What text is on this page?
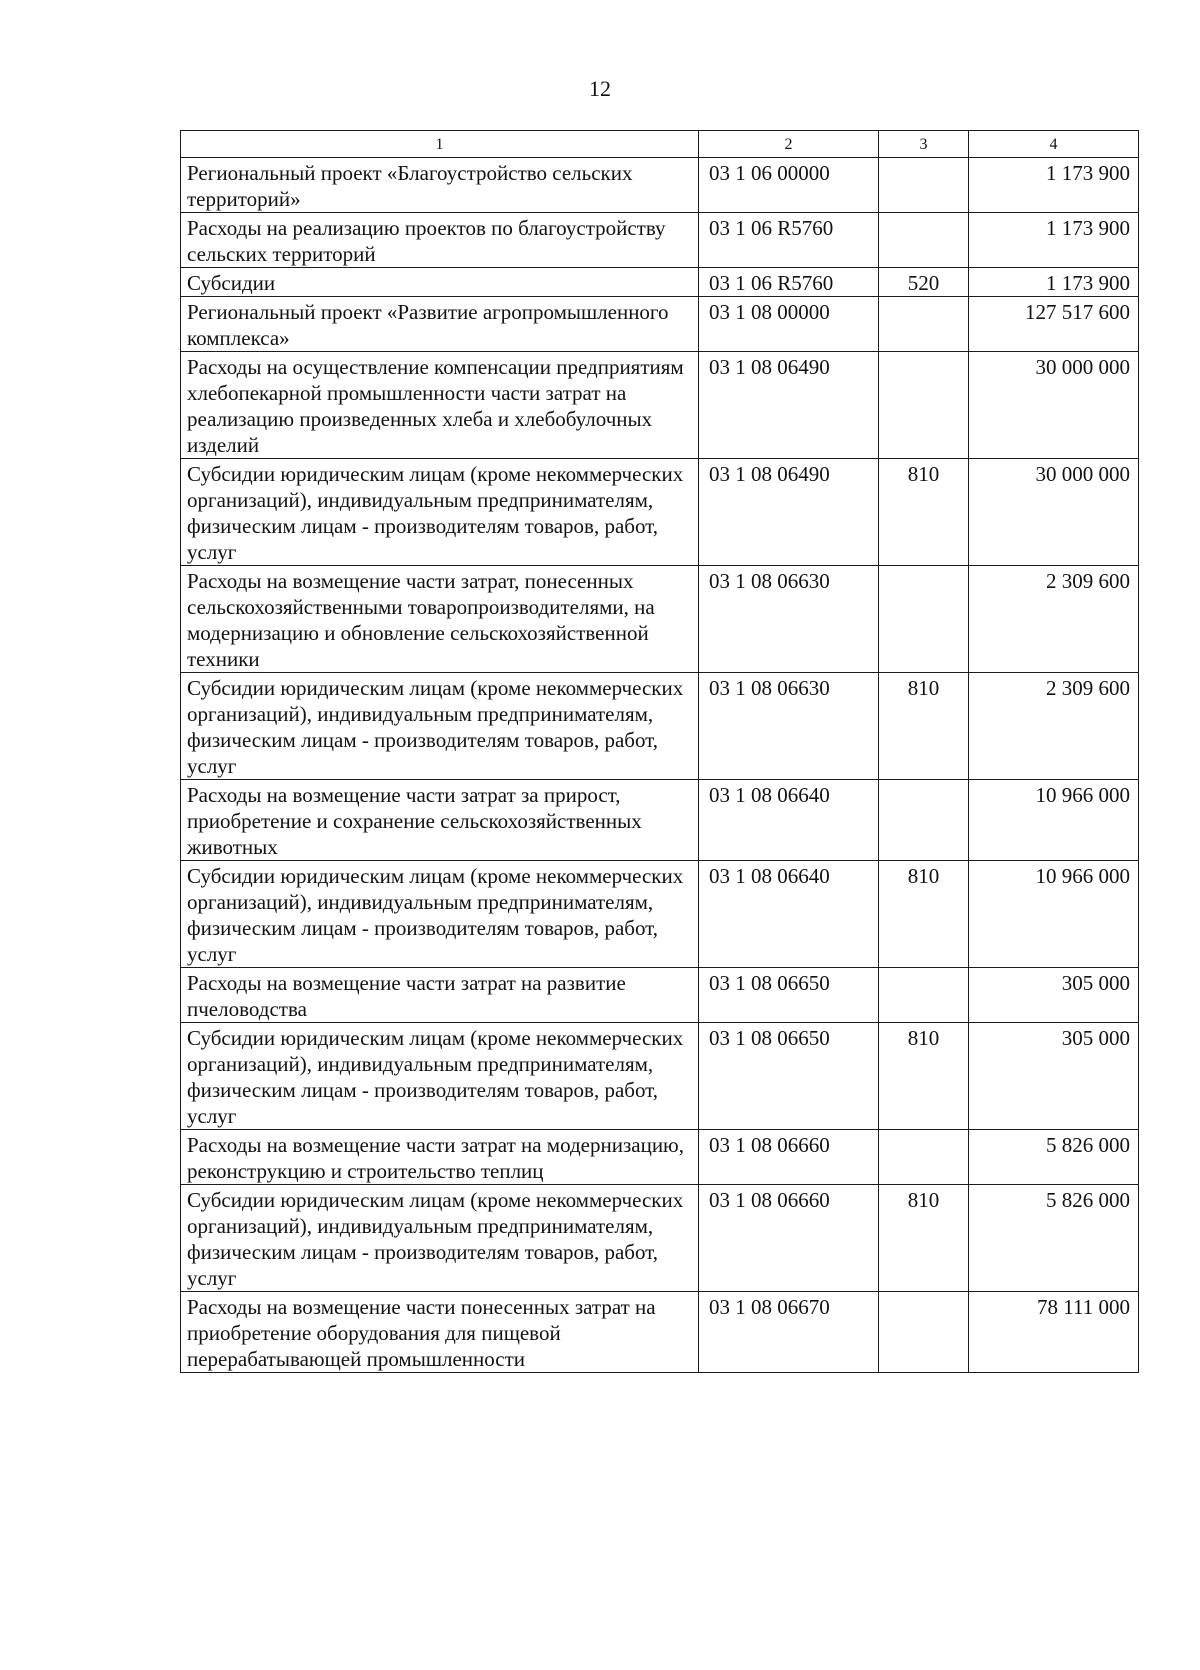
12
1	2	3	4
Региональный проект «Благоустройство сельских территорий»	03 1 06 00000		1 173 900
Расходы на реализацию проектов по благоустройству сельских территорий	03 1 06 R5760		1 173 900
Субсидии	03 1 06 R5760	520	1 173 900
Региональный проект «Развитие агропромышленного комплекса»	03 1 08 00000		127 517 600
Расходы на осуществление компенсации предприятиям хлебопекарной промышленности части затрат на реализацию произведенных хлеба и хлебобулочных изделий	03 1 08 06490		30 000 000
Субсидии юридическим лицам (кроме некоммерческих организаций), индивидуальным предпринимателям, физическим лицам - производителям товаров, работ, услуг	03 1 08 06490	810	30 000 000
Расходы на возмещение части затрат, понесенных сельскохозяйственными товаропроизводителями, на модернизацию и обновление сельскохозяйственной техники	03 1 08 06630		2 309 600
Субсидии юридическим лицам (кроме некоммерческих организаций), индивидуальным предпринимателям, физическим лицам - производителям товаров, работ, услуг	03 1 08 06630	810	2 309 600
Расходы на возмещение части затрат за прирост, приобретение и сохранение сельскохозяйственных животных	03 1 08 06640		10 966 000
Субсидии юридическим лицам (кроме некоммерческих организаций), индивидуальным предпринимателям, физическим лицам - производителям товаров, работ, услуг	03 1 08 06640	810	10 966 000
Расходы на возмещение части затрат на развитие пчеловодства	03 1 08 06650		305 000
Субсидии юридическим лицам (кроме некоммерческих организаций), индивидуальным предпринимателям, физическим лицам - производителям товаров, работ, услуг	03 1 08 06650	810	305 000
Расходы на возмещение части затрат на модернизацию, реконструкцию и строительство теплиц	03 1 08 06660		5 826 000
Субсидии юридическим лицам (кроме некоммерческих организаций), индивидуальным предпринимателям, физическим лицам - производителям товаров, работ, услуг	03 1 08 06660	810	5 826 000
Расходы на возмещение части понесенных затрат на приобретение оборудования для пищевой перерабатывающей промышленности	03 1 08 06670		78 111 000
